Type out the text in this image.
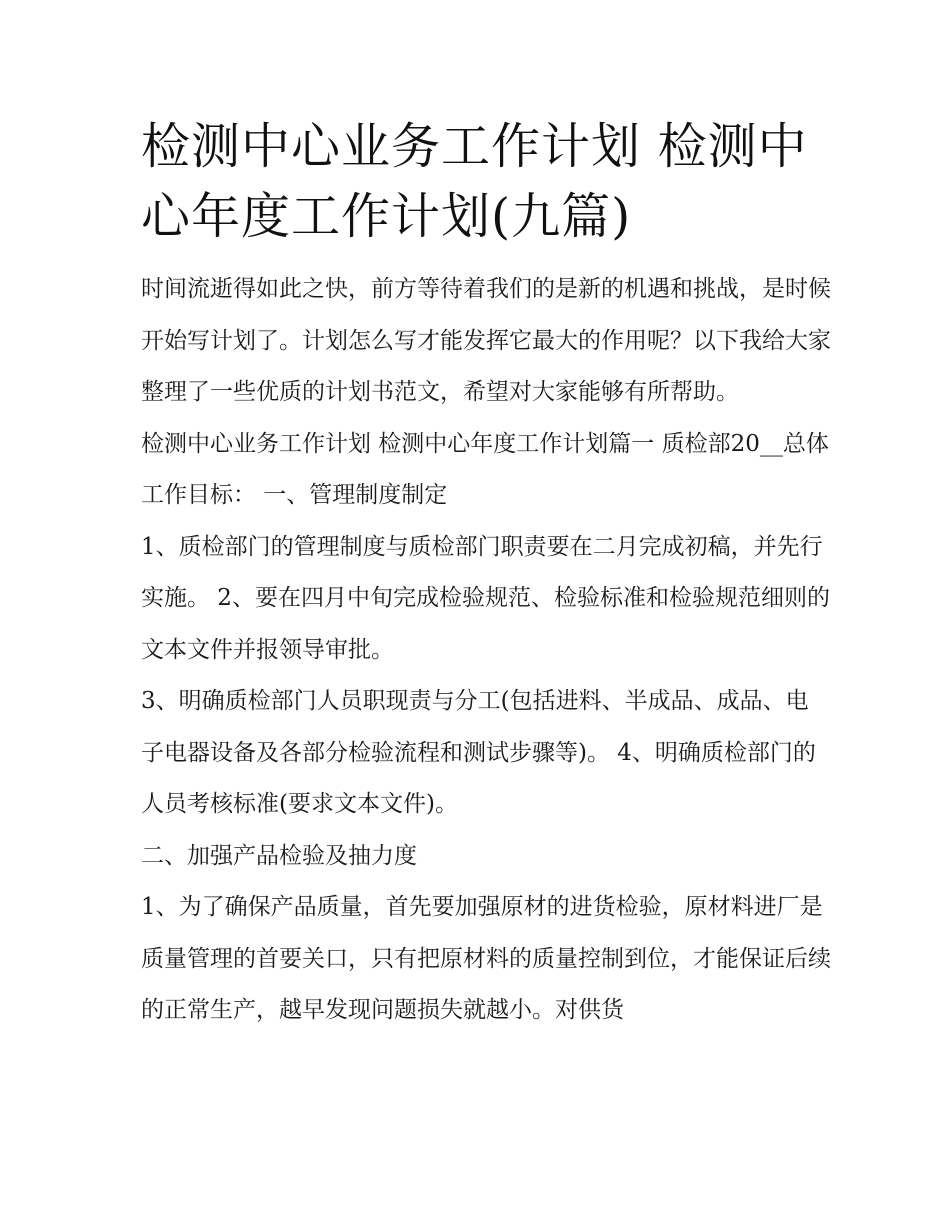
检测中心业务工作计划 检测中心年度工作计划(九篇)

时间流逝得如此之快，前方等待着我们的是新的机遇和挑战，是时候开始写计划了。计划怎么写才能发挥它最大的作用呢？以下我给大家整理了一些优质的计划书范文，希望对大家能够有所帮助。

检测中心业务工作计划 检测中心年度工作计划篇一 质检部20__总体工作目标： 一、管理制度制定

1、质检部门的管理制度与质检部门职责要在二月完成初稿，并先行实施。 2、要在四月中旬完成检验规范、检验标准和检验规范细则的文本文件并报领导审批。

3、明确质检部门人员职现责与分工(包括进料、半成品、成品、电子电器设备及各部分检验流程和测试步骤等)。 4、明确质检部门的人员考核标准(要求文本文件)。

二、加强产品检验及抽力度

1、为了确保产品质量，首先要加强原材的进货检验，原材料进厂是质量管理的首要关口，只有把原材料的质量控制到位，才能保证后续的正常生产，越早发现问题损失就越小。对供货
